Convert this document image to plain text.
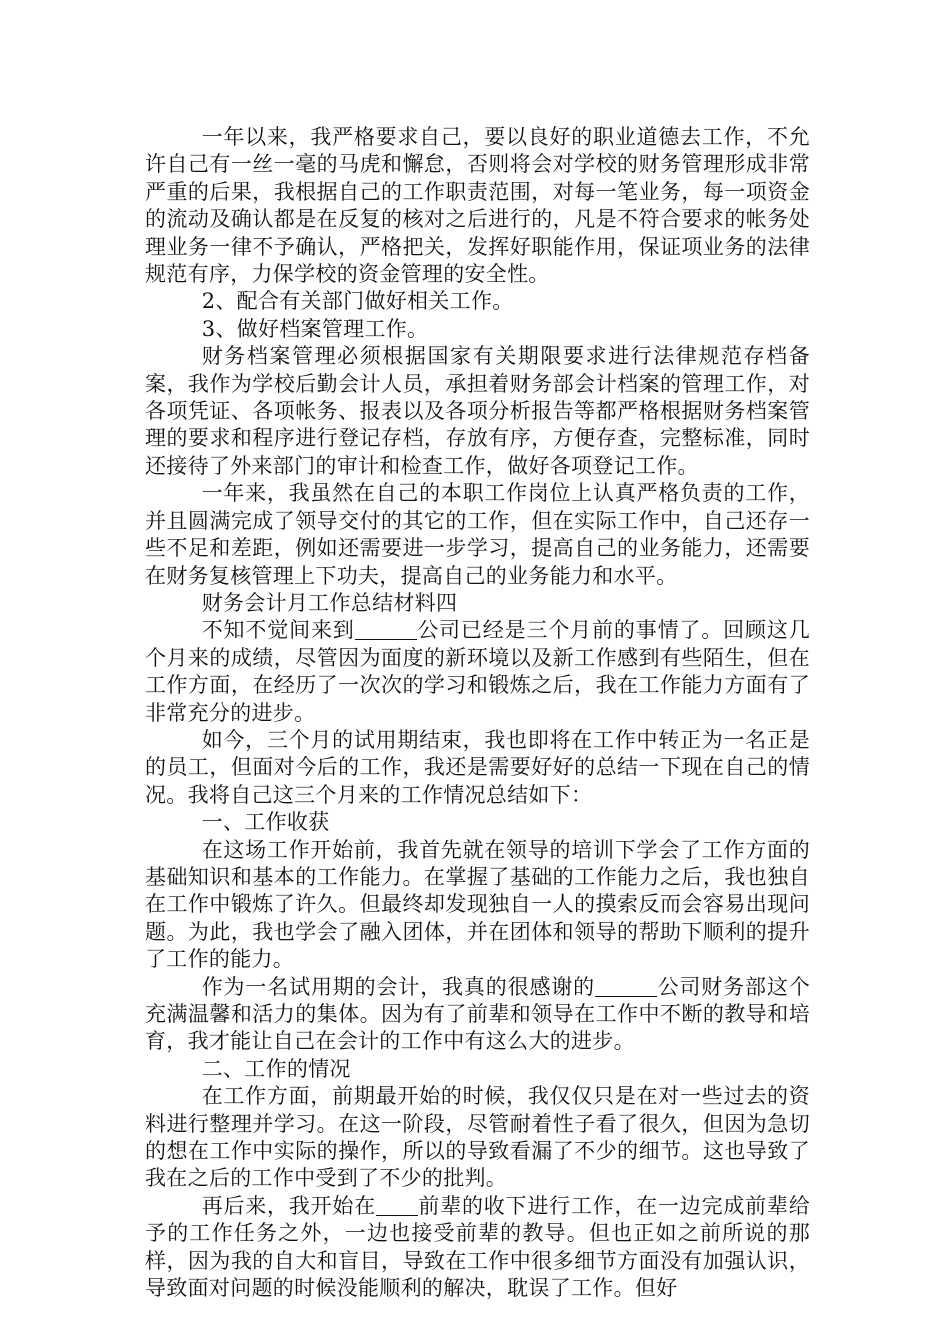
一年以来，我严格要求自己，要以良好的职业道德去工作，不允许自己有一丝一毫的马虎和懈怠，否则将会对学校的财务管理形成非常严重的后果，我根据自己的工作职责范围，对每一笔业务，每一项资金的流动及确认都是在反复的核对之后进行的，凡是不符合要求的帐务处理业务一律不予确认，严格把关，发挥好职能作用，保证项业务的法律规范有序，力保学校的资金管理的安全性。

2、配合有关部门做好相关工作。

3、做好档案管理工作。

财务档案管理必须根据国家有关期限要求进行法律规范存档备案，我作为学校后勤会计人员，承担着财务部会计档案的管理工作，对各项凭证、各项帐务、报表以及各项分析报告等都严格根据财务档案管理的要求和程序进行登记存档，存放有序，方便存查，完整标准，同时还接待了外来部门的审计和检查工作，做好各项登记工作。

一年来，我虽然在自己的本职工作岗位上认真严格负责的工作，并且圆满完成了领导交付的其它的工作，但在实际工作中，自己还存一些不足和差距，例如还需要进一步学习，提高自己的业务能力，还需要在财务复核管理上下功夫，提高自己的业务能力和水平。

财务会计月工作总结材料四

不知不觉间来到	公司已经是三个月前的事情了。回顾这几个月来的成绩，尽管因为面度的新环境以及新工作感到有些陌生，但在工作方面，在经历了一次次的学习和锻炼之后，我在工作能力方面有了非常充分的进步。

如今，三个月的试用期结束，我也即将在工作中转正为一名正是的员工，但面对今后的工作，我还是需要好好的总结一下现在自己的情况。我将自己这三个月来的工作情况总结如下：

一、工作收获

在这场工作开始前，我首先就在领导的培训下学会了工作方面的基础知识和基本的工作能力。在掌握了基础的工作能力之后，我也独自在工作中锻炼了许久。但最终却发现独自一人的摸索反而会容易出现问题。为此，我也学会了融入团体，并在团体和领导的帮助下顺利的提升了工作的能力。

作为一名试用期的会计，我真的很感谢的	公司财务部这个充满温馨和活力的集体。因为有了前辈和领导在工作中不断的教导和培育，我才能让自己在会计的工作中有这么大的进步。

二、工作的情况

在工作方面，前期最开始的时候，我仅仅只是在对一些过去的资料进行整理并学习。在这一阶段，尽管耐着性子看了很久，但因为急切的想在工作中实际的操作，所以的导致看漏了不少的细节。这也导致了我在之后的工作中受到了不少的批判。

再后来，我开始在 前辈的收下进行工作，在一边完成前辈给予的工作任务之外，一边也接受前辈的教导。但也正如之前所说的那样，因为我的自大和盲目，导致在工作中很多细节方面没有加强认识，导致面对问题的时候没能顺利的解决，耽误了工作。但好
